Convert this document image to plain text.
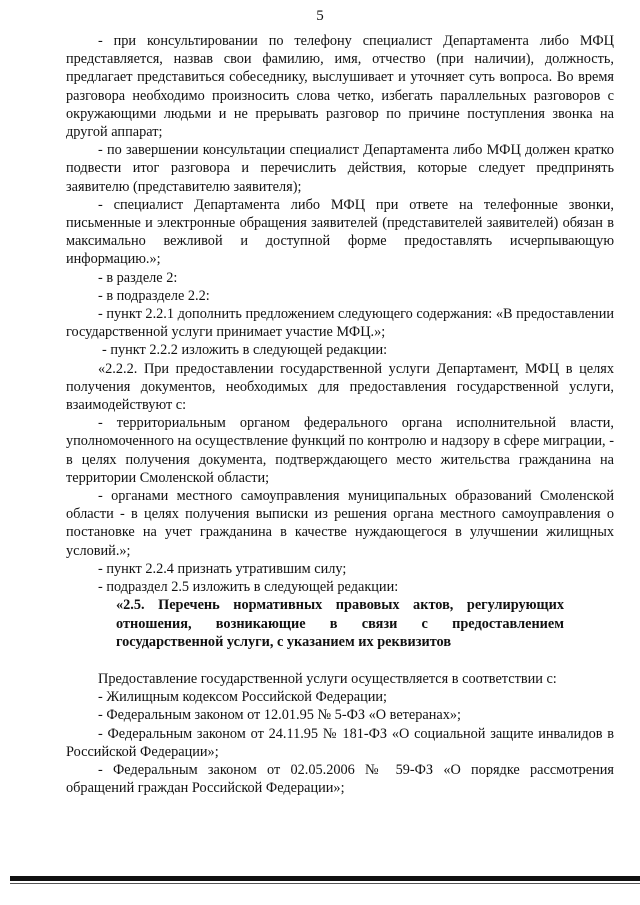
5

- при консультировании по телефону специалист Департамента либо МФЦ представляется, назвав свои фамилию, имя, отчество (при наличии), должность, предлагает представиться собеседнику, выслушивает и уточняет суть вопроса. Во время разговора необходимо произносить слова четко, избегать параллельных разговоров с окружающими людьми и не прерывать разговор по причине поступления звонка на другой аппарат;

- по завершении консультации специалист Департамента либо МФЦ должен кратко подвести итог разговора и перечислить действия, которые следует предпринять заявителю (представителю заявителя);

- специалист Департамента либо МФЦ при ответе на телефонные звонки, письменные и электронные обращения заявителей (представителей заявителей) обязан в максимально вежливой и доступной форме предоставлять исчерпывающую информацию.»;

- в разделе 2:

- в подразделе 2.2:

- пункт 2.2.1 дополнить предложением следующего содержания: «В предоставлении государственной услуги принимает участие МФЦ.»;

- пункт 2.2.2 изложить в следующей редакции:

«2.2.2. При предоставлении государственной услуги Департамент, МФЦ в целях получения документов, необходимых для предоставления государственной услуги, взаимодействуют с:

- территориальным органом федерального органа исполнительной власти, уполномоченного на осуществление функций по контролю и надзору в сфере миграции, - в целях получения документа, подтверждающего место жительства гражданина на территории Смоленской области;

- органами местного самоуправления муниципальных образований Смоленской области - в целях получения выписки из решения органа местного самоуправления о постановке на учет гражданина в качестве нуждающегося в улучшении жилищных условий.»;

- пункт 2.2.4 признать утратившим силу;

- подраздел 2.5 изложить в следующей редакции:

«2.5. Перечень нормативных правовых актов, регулирующих отношения, возникающие в связи с предоставлением государственной услуги, с указанием их реквизитов

Предоставление государственной услуги осуществляется в соответствии с:

- Жилищным кодексом Российской Федерации;

- Федеральным законом от 12.01.95 № 5-ФЗ «О ветеранах»;

- Федеральным законом от 24.11.95 № 181-ФЗ «О социальной защите инвалидов в Российской Федерации»;

- Федеральным законом от 02.05.2006 № 59-ФЗ «О порядке рассмотрения обращений граждан Российской Федерации»;
